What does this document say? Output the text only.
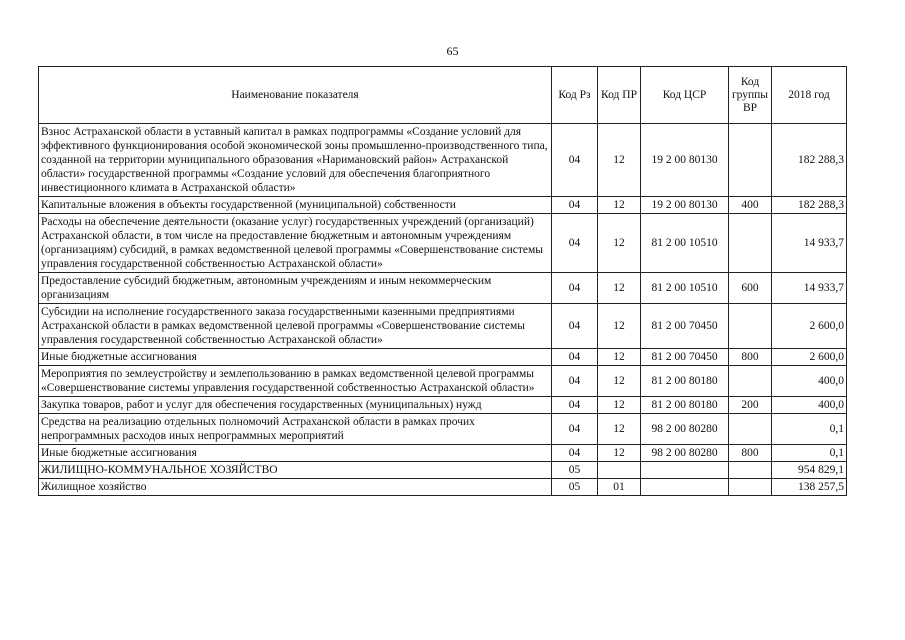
65
Наименование показателя	Код Рз	Код ПР	Код ЦСР	Код группы ВР	2018 год
Взнос Астраханской области в уставный капитал в рамках подпрограммы «Создание условий для эффективного функционирования особой экономической зоны промышленно-производственного типа, созданной на территории муниципального образования «Наримановский район» Астраханской области» государственной программы «Создание условий для обеспечения благоприятного инвестиционного климата в Астраханской области»	04	12	19 2 00 80130		182 288,3
Капитальные вложения в объекты государственной (муниципальной) собственности	04	12	19 2 00 80130	400	182 288,3
Расходы на обеспечение деятельности (оказание услуг) государственных учреждений (организаций) Астраханской области, в том числе на предоставление бюджетным и автономным учреждениям (организациям) субсидий, в рамках ведомственной целевой программы «Совершенствование системы управления государственной собственностью Астраханской области»	04	12	81 2 00 10510		14 933,7
Предоставление субсидий бюджетным, автономным учреждениям и иным некоммерческим организациям	04	12	81 2 00 10510	600	14 933,7
Субсидии на исполнение государственного заказа государственными казенными предприятиями Астраханской области в рамках ведомственной целевой программы «Совершенствование системы управления государственной собственностью Астраханской области»	04	12	81 2 00 70450		2 600,0
Иные бюджетные ассигнования	04	12	81 2 00 70450	800	2 600,0
Мероприятия по землеустройству и землепользованию в рамках ведомственной целевой программы «Совершенствование системы управления государственной собственностью Астраханской области»	04	12	81 2 00 80180		400,0
Закупка товаров, работ и услуг для обеспечения государственных (муниципальных) нужд	04	12	81 2 00 80180	200	400,0
Средства на реализацию отдельных полномочий Астраханской области в рамках прочих непрограммных расходов иных непрограммных мероприятий	04	12	98 2 00 80280		0,1
Иные бюджетные ассигнования	04	12	98 2 00 80280	800	0,1
ЖИЛИЩНО-КОММУНАЛЬНОЕ ХОЗЯЙСТВО	05				954 829,1
Жилищное хозяйство	05	01			138 257,5
